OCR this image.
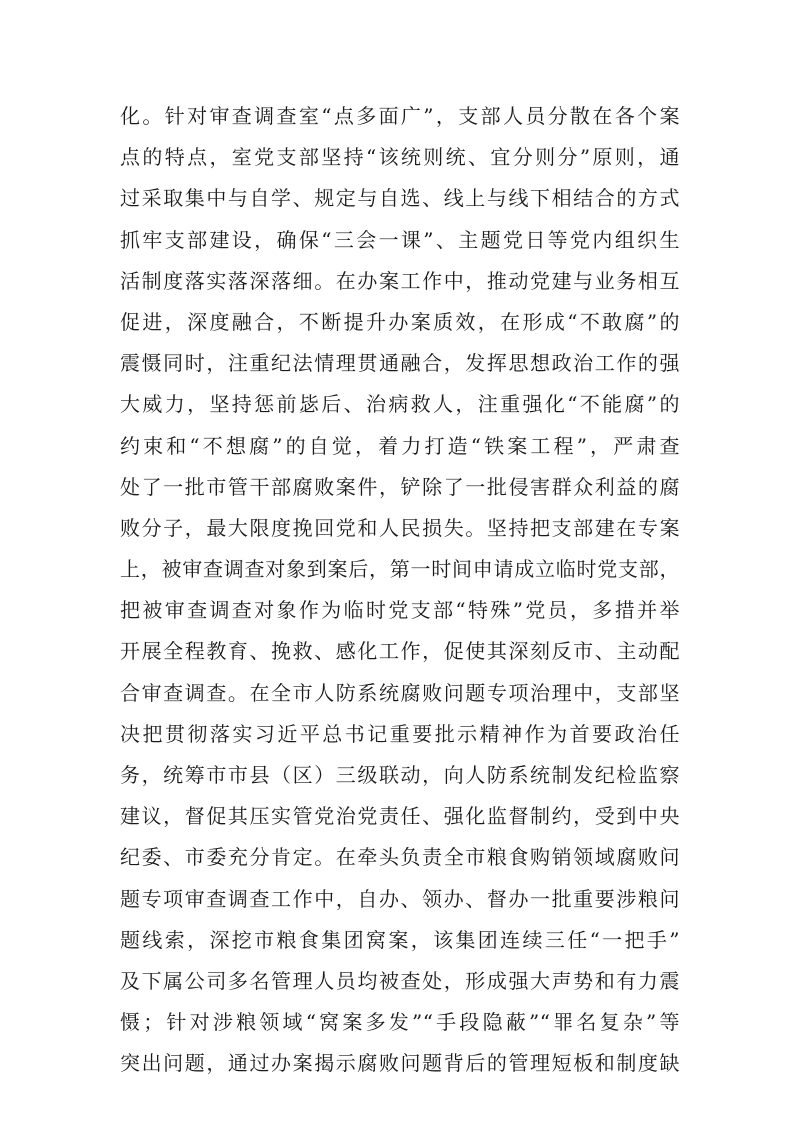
化。针对审查调查室“点多面广”，支部人员分散在各个案
点的特点，室党支部坚持“该统则统、宜分则分”原则，通
过采取集中与自学、规定与自选、线上与线下相结合的方式
抓牢支部建设，确保“三会一课”、主题党日等党内组织生
活制度落实落深落细。在办案工作中，推动党建与业务相互
促进，深度融合，不断提升办案质效，在形成“不敢腐”的
震慑同时，注重纪法情理贯通融合，发挥思想政治工作的强
大威力，坚持惩前毖后、治病救人，注重强化“不能腐”的
约束和“不想腐”的自觉，着力打造“铁案工程”，严肃查
处了一批市管干部腐败案件，铲除了一批侵害群众利益的腐
败分子，最大限度挽回党和人民损失。坚持把支部建在专案
上，被审查调查对象到案后，第一时间申请成立临时党支部，
把被审查调查对象作为临时党支部“特殊”党员，多措并举
开展全程教育、挽救、感化工作，促使其深刻反市、主动配
合审查调查。在全市人防系统腐败问题专项治理中，支部坚
决把贯彻落实习近平总书记重要批示精神作为首要政治任
务，统筹市市县（区）三级联动，向人防系统制发纪检监察
建议，督促其压实管党治党责任、强化监督制约，受到中央
纪委、市委充分肯定。在牵头负责全市粮食购销领域腐败问
题专项审查调查工作中，自办、领办、督办一批重要涉粮问
题线索，深挖市粮食集团窝案，该集团连续三任“一把手”
及下属公司多名管理人员均被查处，形成强大声势和有力震
慑；针对涉粮领域“窝案多发”“手段隐蔽”“罪名复杂”等
突出问题，通过办案揭示腐败问题背后的管理短板和制度缺
